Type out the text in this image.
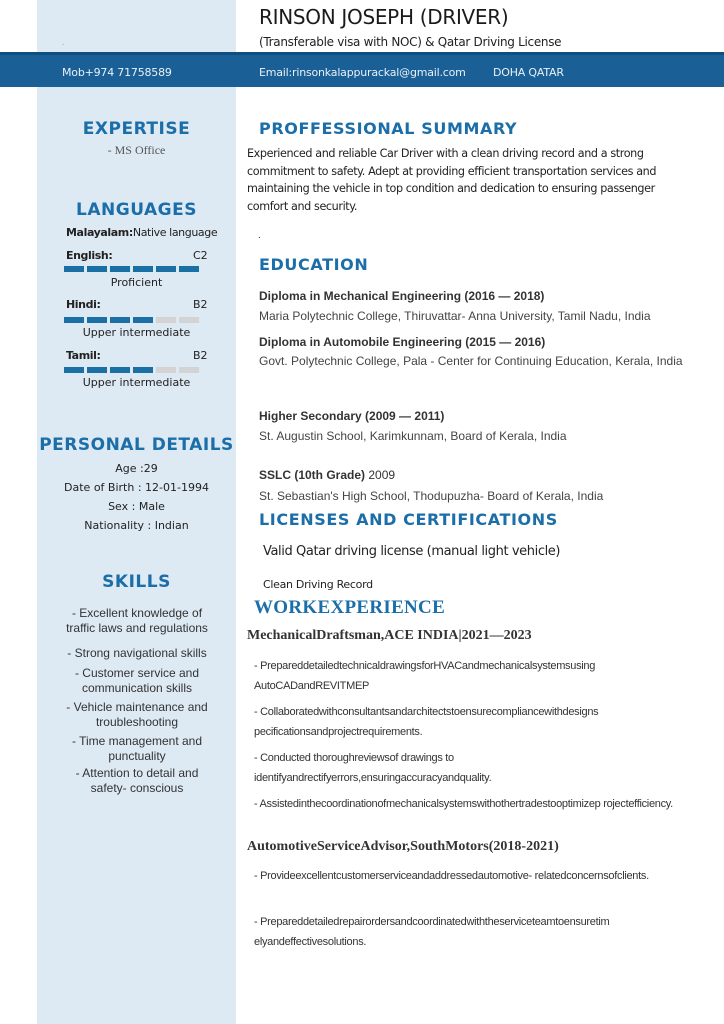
.
RINSON JOSEPH (DRIVER)
(Transferable visa with NOC) & Qatar Driving License
Mob+974 71758589	Email:rinsonkalappurackal@gmail.com DOHA QATAR
EXPERTISE
- MS Office
LANGUAGES
Malayalam:Native language
English:	C2
Proficient
Hindi:	B2
Upper intermediate
Tamil:	B2
Upper intermediate
PERSONAL DETAILS
Age :29
Date of Birth : 12-01-1994
Sex : Male
Nationality : Indian
SKILLS
- Excellent knowledge of traffic laws and regulations
- Strong navigational skills
- Customer service and communication skills
- Vehicle maintenance and troubleshooting
- Time management and punctuality
- Attention to detail and safety- conscious
PROFFESSIONAL SUMMARY
Experienced and reliable Car Driver with a clean driving record and a strong commitment to safety. Adept at providing efficient transportation services and maintaining the vehicle in top condition and dedication to ensuring passenger comfort and security.
.
EDUCATION
Diploma in Mechanical Engineering (2016 — 2018)
Maria Polytechnic College, Thiruvattar- Anna University, Tamil Nadu, India
Diploma in Automobile Engineering (2015 — 2016)
Govt. Polytechnic College, Pala - Center for Continuing Education, Kerala, India
Higher Secondary (2009 — 2011)
St. Augustin School, Karimkunnam, Board of Kerala, India
SSLC (10th Grade) 2009
St. Sebastian's High School, Thodupuzha- Board of Kerala, India
LICENSES AND CERTIFICATIONS
Valid Qatar driving license (manual light vehicle)
Clean Driving Record
WORKEXPERIENCE
MechanicalDraftsman,ACE INDIA|2021—2023
- PrepareddetailedtechnicaldrawingsforHVACandmechanicalsystemsusing AutoCADandREVITMEP
- Collaboratedwithconsultantsandarchitectstoensurecompliancewithdesigns pecificationsandprojectrequirements.
- Conducted thoroughreviewsof drawings to identifyandrectifyerrors,ensuringaccuracyandquality.
- Assistedinthecoordinationofmechanicalsystemswithothertradestooptimizep rojectefficiency.
AutomotiveServiceAdvisor,SouthMotors(2018-2021)
- Provideexcellentcustomerserviceandaddressedautomotive- relatedconcernsofclients.
- Prepareddetailedrepairordersandcoordinatedwiththeserviceteamtoensuretim elyandeffectivesolutions.
